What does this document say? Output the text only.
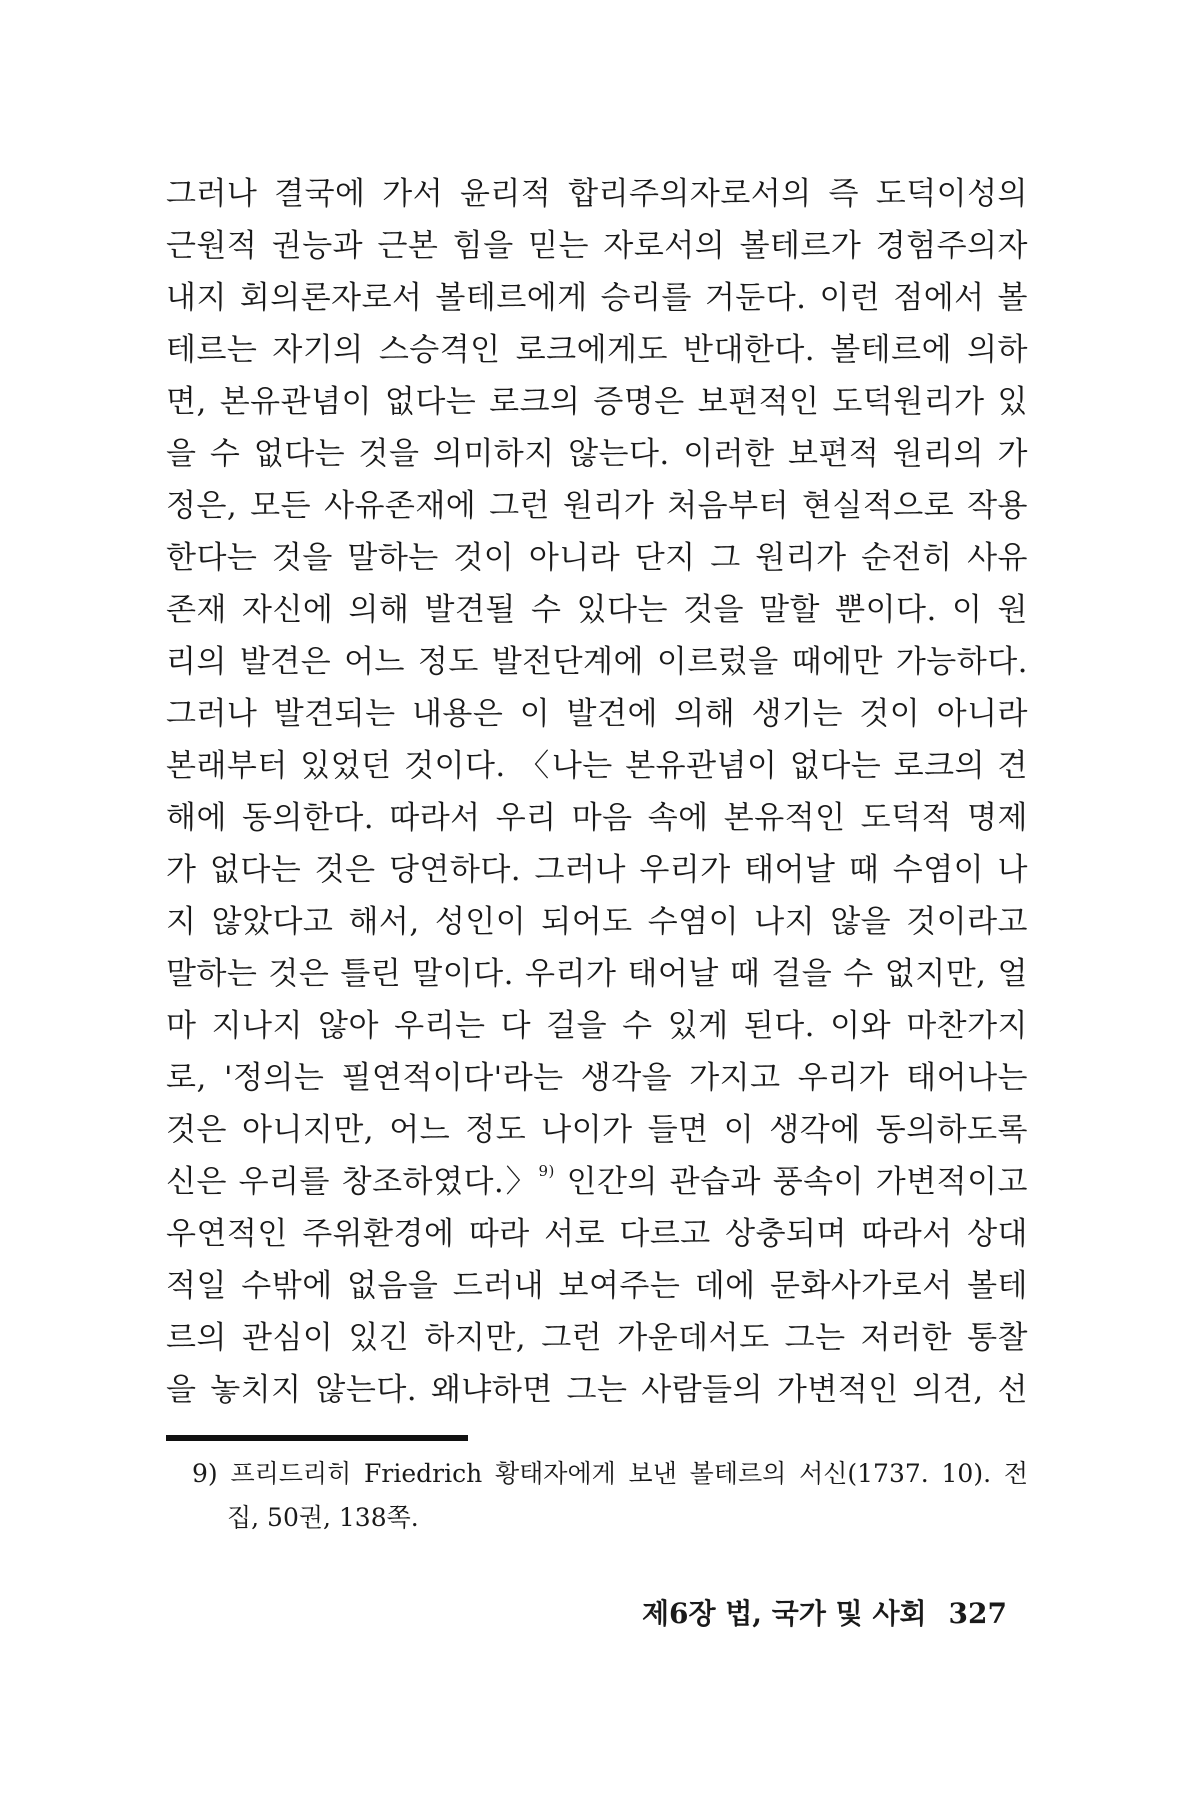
그러나 결국에 가서 윤리적 합리주의자로서의 즉 도덕이성의
근원적 권능과 근본 힘을 믿는 자로서의 볼테르가 경험주의자
내지 회의론자로서 볼테르에게 승리를 거둔다. 이런 점에서 볼
테르는 자기의 스승격인 로크에게도 반대한다. 볼테르에 의하
면, 본유관념이 없다는 로크의 증명은 보편적인 도덕원리가 있
을 수 없다는 것을 의미하지 않는다. 이러한 보편적 원리의 가
정은, 모든 사유존재에 그런 원리가 처음부터 현실적으로 작용
한다는 것을 말하는 것이 아니라 단지 그 원리가 순전히 사유
존재 자신에 의해 발견될 수 있다는 것을 말할 뿐이다. 이 원
리의 발견은 어느 정도 발전단계에 이르렀을 때에만 가능하다.
그러나 발견되는 내용은 이 발견에 의해 생기는 것이 아니라
본래부터 있었던 것이다. 〈나는 본유관념이 없다는 로크의 견
해에 동의한다. 따라서 우리 마음 속에 본유적인 도덕적 명제
가 없다는 것은 당연하다. 그러나 우리가 태어날 때 수염이 나
지 않았다고 해서, 성인이 되어도 수염이 나지 않을 것이라고
말하는 것은 틀린 말이다. 우리가 태어날 때 걸을 수 없지만, 얼
마 지나지 않아 우리는 다 걸을 수 있게 된다. 이와 마찬가지
로, '정의는 필연적이다'라는 생각을 가지고 우리가 태어나는
것은 아니지만, 어느 정도 나이가 들면 이 생각에 동의하도록
신은 우리를 창조하였다.〉$^{9)}$ 인간의 관습과 풍속이 가변적이고
우연적인 주위환경에 따라 서로 다르고 상충되며 따라서 상대
적일 수밖에 없음을 드러내 보여주는 데에 문화사가로서 볼테
르의 관심이 있긴 하지만, 그런 가운데서도 그는 저러한 통찰
을 놓치지 않는다. 왜냐하면 그는 사람들의 가변적인 의견, 선
9) 프리드리히 Friedrich 황태자에게 보낸 볼테르의 서신(1737. 10). 전
집, 50권, 138쪽.
제6장 법, 국가 및 사회 327
